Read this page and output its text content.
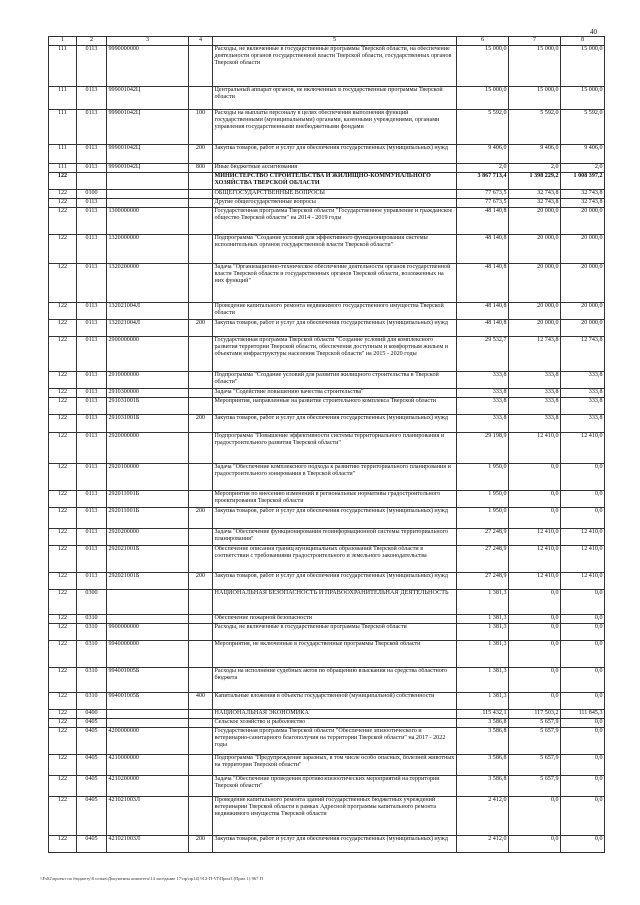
40
1	2	3	4	5	6	7	8
111	0113	9990000000		Расходы, не включенные в государственные программы Тверской области, на обеспечение деятельности органов государственной власти Тверской области, государственных органов Тверской области	15 000,0	15 000,0	15 000,0
111	0113	999001042Ц		Центральный аппарат органов, не включенных в государственные программы Тверской области	15 000,0	15 000,0	15 000,0
111	0113	999001042Ц	100	Расходы на выплаты персоналу в целях обеспечения выполнения функций государственными (муниципальными) органами, казенными учреждениями, органами управления государственными внебюджетными фондами	5 592,0	5 592,0	5 592,0
111	0113	999001042Ц	200	Закупка товаров, работ и услуг для обеспечения государственных (муниципальных) нужд	9 406,0	9 406,0	9 406,0
111	0113	999001042Ц	800	Иные бюджетные ассигнования	2,0	2,0	2,0
122				МИНИСТЕРСТВО СТРОИТЕЛЬСТВА И ЖИЛИЩНО-КОММУНАЛЬНОГО ХОЗЯЙСТВА ТВЕРСКОЙ ОБЛАСТИ	3 867 713,4	1 398 229,2	1 008 397,2
122	0100			ОБЩЕГОСУДАРСТВЕННЫЕ ВОПРОСЫ	77 673,5	32 743,8	32 743,8
122	0113			Другие общегосударственные вопросы	77 673,5	32 743,8	32 743,8
122	0113	1300000000		Государственная программа Тверской области "Государственное управление и гражданское общество Тверской области" на 2014 - 2019 годы	48 140,8	20 000,0	20 000,0
122	0113	1320000000		Подпрограмма "Создание условий для эффективного функционирования системы исполнительных органов государственной власти Тверской области"	48 140,8	20 000,0	20 000,0
122	0113	1320200000		Задача "Организационно-техническое обеспечение деятельности органов государственной власти Тверской области и государственных органов Тверской области, возложенных на них функций"	48 140,8	20 000,0	20 000,0
122	0113	132021004Л		Проведение капитального ремонта недвижимого государственного имущества Тверской области	48 140,8	20 000,0	20 000,0
122	0113	132021004Л	200	Закупка товаров, работ и услуг для обеспечения государственных (муниципальных) нужд	48 140,8	20 000,0	20 000,0
122	0113	2900000000		Государственная программа Тверской области "Создание условий для комплексного развития территории Тверской области, обеспечения доступным и комфортным жильем и объектами инфраструктуры населения Тверской области" на 2015 - 2020 годы	29 532,7	12 743,8	12 743,8
122	0113	2910000000		Подпрограмма "Создание условий для развития жилищного строительства в Тверской области"	333,8	333,8	333,8
122	0113	2910300000		Задача "Содействие повышению качества строительства"	333,8	333,8	333,8
122	0113	291031001Б		Мероприятия, направленные на развитие строительного комплекса Тверской области	333,8	333,8	333,8
122	0113	291031001Б	200	Закупка товаров, работ и услуг для обеспечения государственных (муниципальных) нужд	333,8	333,8	333,8
122	0113	2920000000		Подпрограмма "Повышение эффективности системы территориального планирования и градостроительного развития Тверской области"	29 198,9	12 410,0	12 410,0
122	0113	2920100000		Задача "Обеспечение комплексного подхода к развитию территориального планирования и градостроительного зонирования в Тверской области"	1 950,0	0,0	0,0
122	0113	292011001Б		Мероприятия по внесению изменений в региональные нормативы градостроительного проектирования Тверской области	1 950,0	0,0	0,0
122	0113	292011001Б	200	Закупка товаров, работ и услуг для обеспечения государственных (муниципальных) нужд	1 950,0	0,0	0,0
122	0113	2920200000		Задача "Обеспечение функционирования геоинформационной системы территориального планирования"	27 248,9	12 410,0	12 410,0
122	0113	292021001Б		Обеспечение описания границ муниципальных образований Тверской области в соответствии с требованиями градостроительного и земельного законодательства	27 248,9	12 410,0	12 410,0
122	0113	292021001Б	200	Закупка товаров, работ и услуг для обеспечения государственных (муниципальных) нужд	27 248,9	12 410,0	12 410,0
122	0300			НАЦИОНАЛЬНАЯ БЕЗОПАСНОСТЬ И ПРАВООХРАНИТЕЛЬНАЯ ДЕЯТЕЛЬНОСТЬ	1 381,3	0,0	0,0
122	0310			Обеспечение пожарной безопасности	1 381,3	0,0	0,0
122	0310	9900000000		Расходы, не включенные в государственные программы Тверской области	1 381,3	0,0	0,0
122	0310	9940000000		Мероприятия, не включенные в государственные программы Тверской области	1 381,3	0,0	0,0
122	0310	994001005Б		Расходы на исполнение судебных актов по обращению взыскания на средства областного бюджета	1 381,3	0,0	0,0
122	0310	994001005Б	400	Капитальные вложения в объекты государственной (муниципальной) собственности	1 381,3	0,0	0,0
122	0400			НАЦИОНАЛЬНАЯ ЭКОНОМИКА	115 432,1	117 503,2	111 845,3
122	0405			Сельское хозяйство и рыболовство	3 586,8	5 657,9	0,0
122	0405	4200000000		Государственная программа Тверской области "Обеспечение эпизоотического и ветеринарно-санитарного благополучия на территории Тверской области" на 2017 - 2022 годы	3 586,8	5 657,9	0,0
122	0405	4210000000		Подпрограмма "Предупреждение заразных, в том числе особо опасных, болезней животных на территории Тверской области"	3 586,8	5 657,9	0,0
122	0405	4210200000		Задача "Обеспечение проведения противоэпизоотических мероприятий на территории Тверской области"	3 586,8	5 657,9	0,0
122	0405	421021003Л		Проведение капитального ремонта зданий государственных бюджетных учреждений ветеринарии Тверской области в рамках Адресной программы капитального ремонта недвижимого имущества Тверской области	2 412,0	0,0	0,0
122	0405	421021003Л	200	Закупка товаров, работ и услуг для обеспечения государственных (муниципальных) нужд	2 412,0	0,0	0,0
\\Fs02\проект по бюджету\6 созыв\Документы комитета\14 заседание 17\пр\пр14) 912-П-VI\Прил3 (Прил 1) 967 П
